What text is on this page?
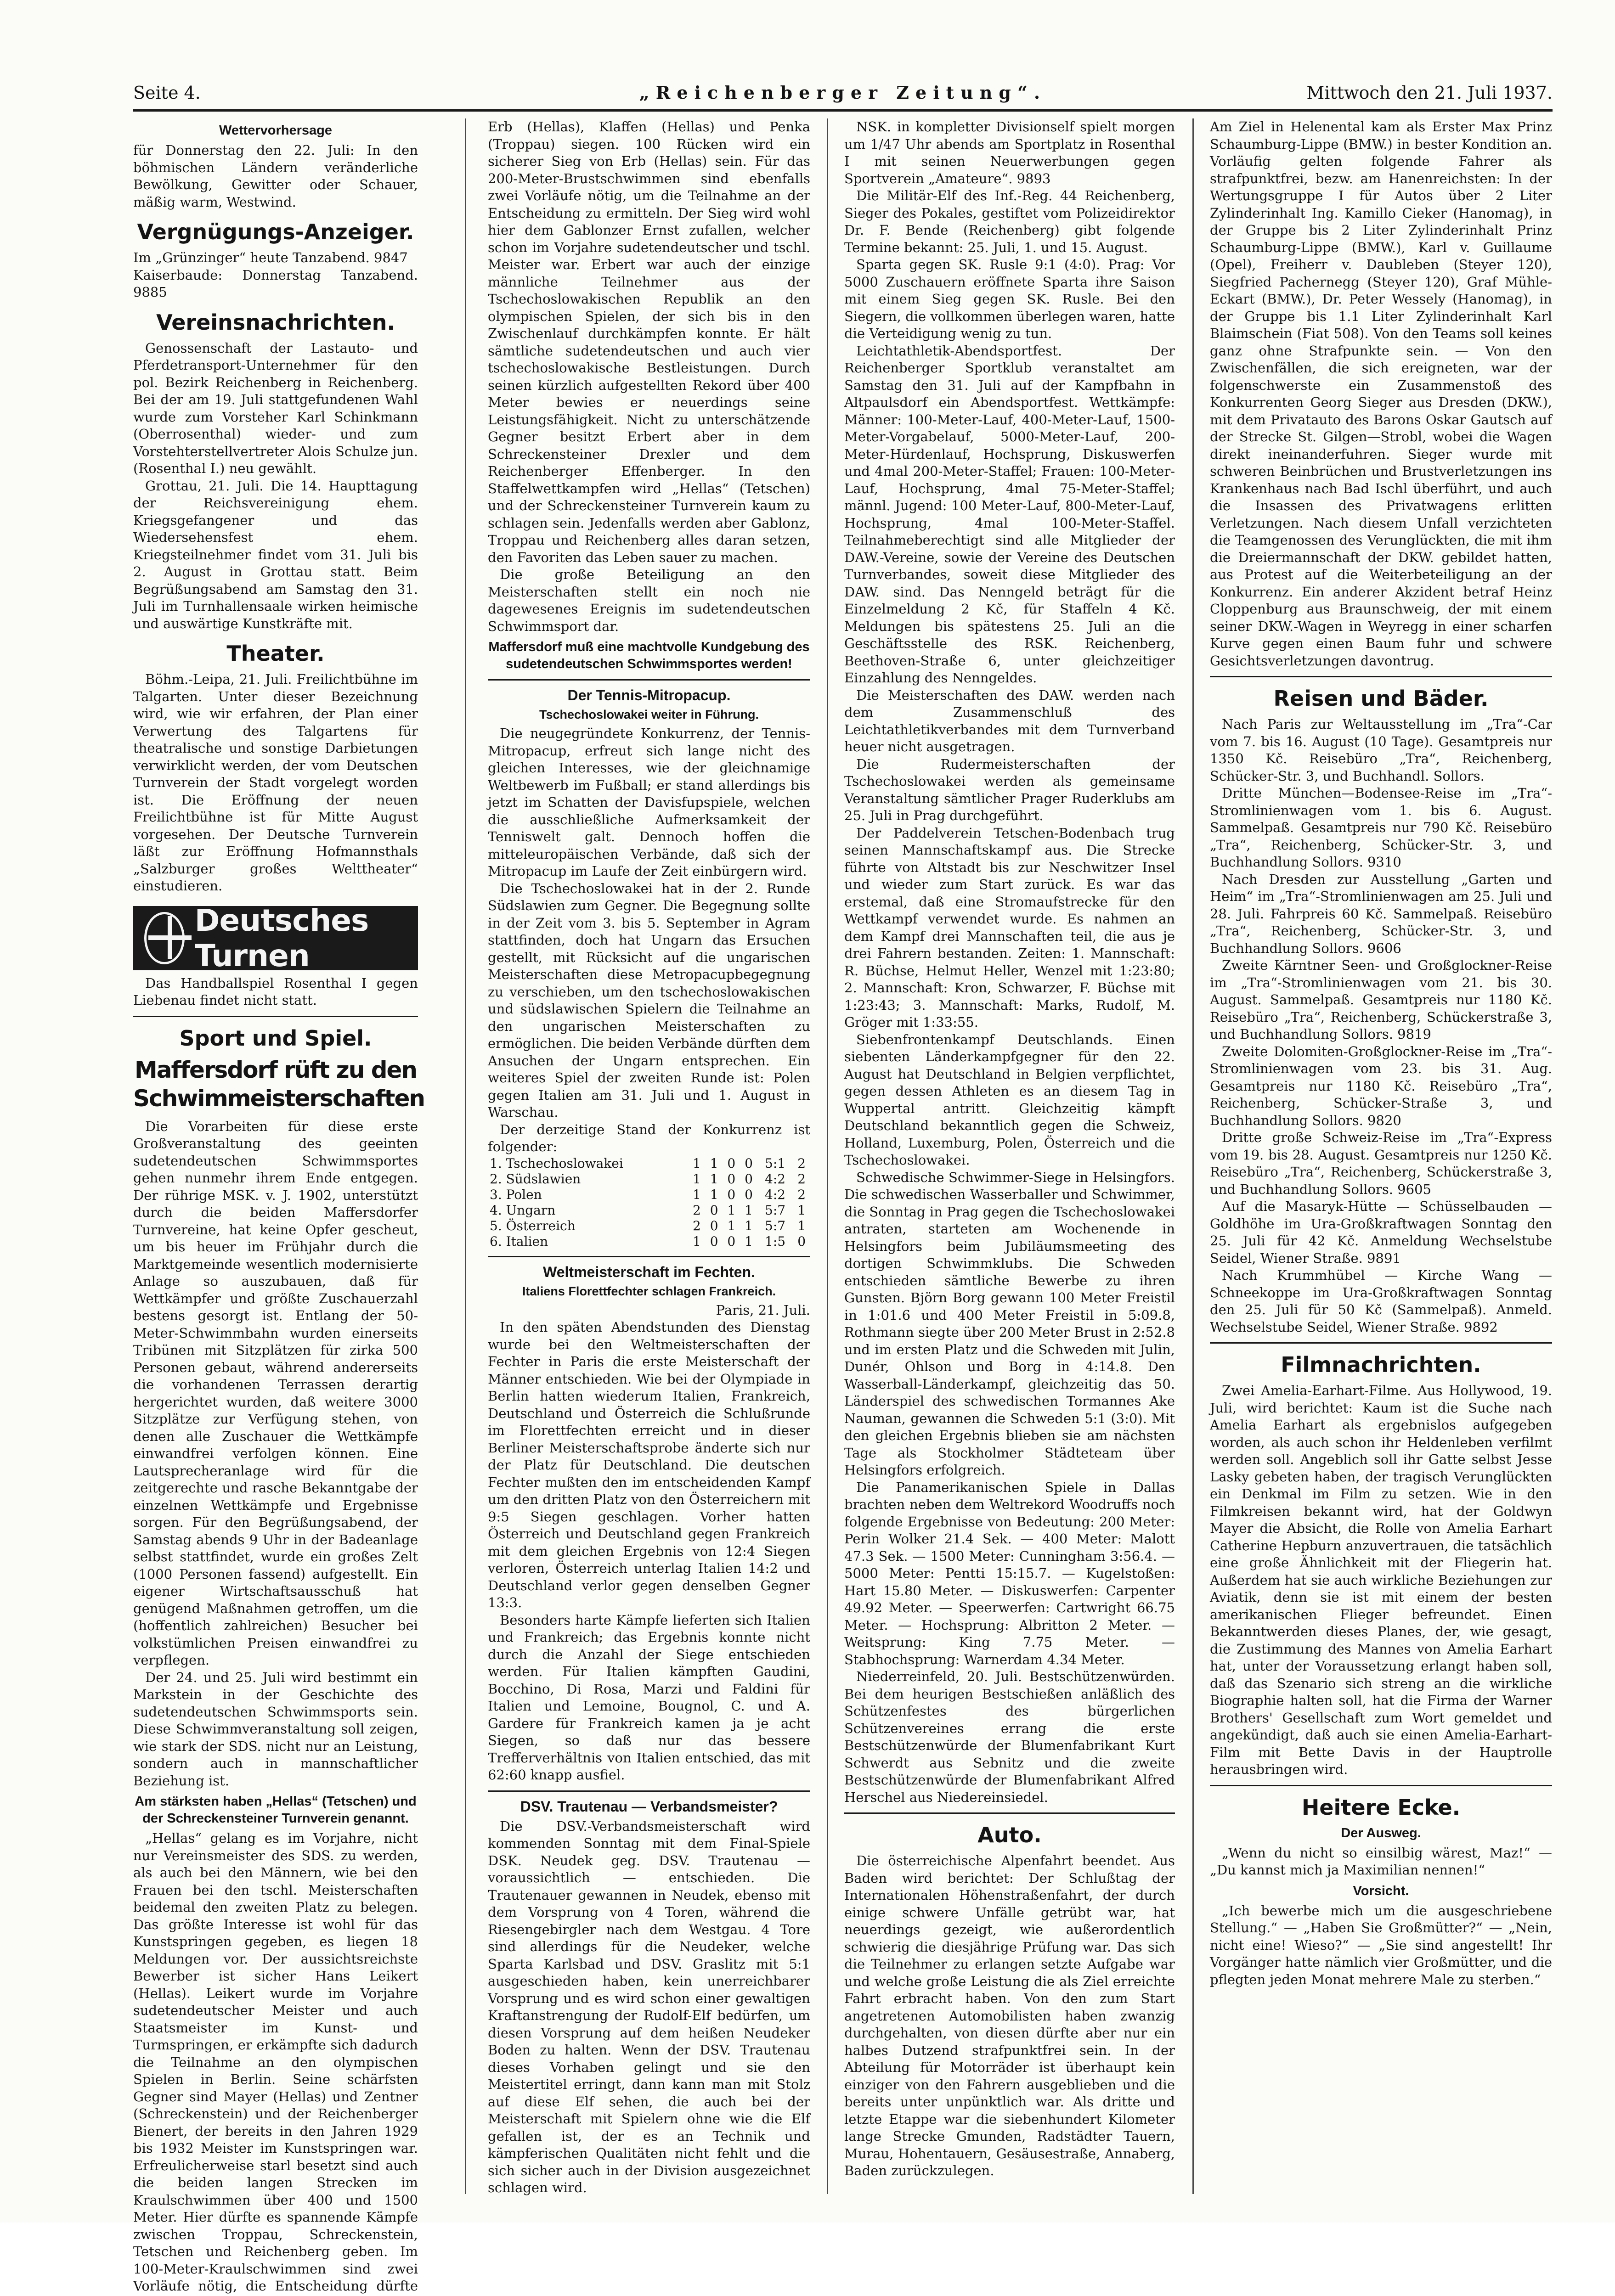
Seite 4.	„Reichenberger Zeitung“.	Mittwoch den 21. Juli 1937.
Wettervorhersage

für Donnerstag den 22. Juli: In den böhmischen Ländern veränderliche Bewölkung, Gewitter oder Schauer, mäßig warm, Westwind.

Vergnügungs-Anzeiger.

Im „Grünzinger“ heute Tanzabend. 9847

Kaiserbaude: Donnerstag Tanzabend. 9885

Vereinsnachrichten.

Genossenschaft der Lastauto- und Pferdetransport-Unternehmer für den pol. Bezirk Reichenberg in Reichenberg. Bei der am 19. Juli stattgefundenen Wahl wurde zum Vorsteher Karl Schinkmann (Oberrosenthal) wieder- und zum Vorstehterstellvertreter Alois Schulze jun. (Rosenthal I.) neu gewählt.

Grottau, 21. Juli. Die 14. Haupttagung der Reichsvereinigung ehem. Kriegsgefangener und das Wiedersehensfest ehem. Kriegsteilnehmer findet vom 31. Juli bis 2. August in Grottau statt. Beim Begrüßungsabend am Samstag den 31. Juli im Turnhallensaale wirken heimische und auswärtige Kunstkräfte mit.

Theater.

Böhm.-Leipa, 21. Juli. Freilichtbühne im Talgarten. Unter dieser Bezeichnung wird, wie wir erfahren, der Plan einer Verwertung des Talgartens für theatralische und sonstige Darbietungen verwirklicht werden, der vom Deutschen Turnverein der Stadt vorgelegt worden ist. Die Eröffnung der neuen Freilichtbühne ist für Mitte August vorgesehen. Der Deutsche Turnverein läßt zur Eröffnung Hofmannsthals „Salzburger großes Welttheater“ einstudieren.

Deutsches Turnen

Das Handballspiel Rosenthal I gegen Liebenau findet nicht statt.

Sport und Spiel.
Maffersdorf rüft zu den Schwimmeisterschaften

Die Vorarbeiten für diese erste Großveranstaltung des geeinten sudetendeutschen Schwimmsportes gehen nunmehr ihrem Ende entgegen. Der rührige MSK. v. J. 1902, unterstützt durch die beiden Maffersdorfer Turnvereine, hat keine Opfer gescheut, um bis heuer im Frühjahr durch die Marktgemeinde wesentlich modernisierte Anlage so auszubauen, daß für Wettkämpfer und größte Zuschauerzahl bestens gesorgt ist. Entlang der 50-Meter-Schwimmbahn wurden einerseits Tribünen mit Sitzplätzen für zirka 500 Personen gebaut, während andererseits die vorhandenen Terrassen derartig hergerichtet wurden, daß weitere 3000 Sitzplätze zur Verfügung stehen, von denen alle Zuschauer die Wettkämpfe einwandfrei verfolgen können. Eine Lautsprecheranlage wird für die zeitgerechte und rasche Bekanntgabe der einzelnen Wettkämpfe und Ergebnisse sorgen. Für den Begrüßungsabend, der Samstag abends 9 Uhr in der Badeanlage selbst stattfindet, wurde ein großes Zelt (1000 Personen fassend) aufgestellt. Ein eigener Wirtschaftsausschuß hat genügend Maßnahmen getroffen, um die (hoffentlich zahlreichen) Besucher bei volkstümlichen Preisen einwandfrei zu verpflegen.

Der 24. und 25. Juli wird bestimmt ein Markstein in der Geschichte des sudetendeutschen Schwimmsports sein. Diese Schwimmveranstaltung soll zeigen, wie stark der SDS. nicht nur an Leistung, sondern auch in mannschaftlicher Beziehung ist.

Am stärksten haben „Hellas“ (Tetschen) und der Schreckensteiner Turnverein genannt.

„Hellas“ gelang es im Vorjahre, nicht nur Vereinsmeister des SDS. zu werden, als auch bei den Männern, wie bei den Frauen bei den tschl. Meisterschaften beidemal den zweiten Platz zu belegen. Das größte Interesse ist wohl für das Kunstspringen gegeben, es liegen 18 Meldungen vor. Der aussichtsreichste Bewerber ist sicher Hans Leikert (Hellas). Leikert wurde im Vorjahre sudetendeutscher Meister und auch Staatsmeister im Kunst- und Turmspringen, er erkämpfte sich dadurch die Teilnahme an den olympischen Spielen in Berlin. Seine schärfsten Gegner sind Mayer (Hellas) und Zentner (Schreckenstein) und der Reichenberger Bienert, der bereits in den Jahren 1929 bis 1932 Meister im Kunstspringen war. Erfreulicherweise starl besetzt sind auch die beiden langen Strecken im Kraulschwimmen über 400 und 1500 Meter. Hier dürfte es spannende Kämpfe zwischen Troppau, Schreckenstein, Tetschen und Reichenberg geben. Im 100-Meter-Kraulschwimmen sind zwei Vorläufe nötig, die Entscheidung dürfte

Erb (Hellas), Klaffen (Hellas) und Penka (Troppau) siegen. 100 Rücken wird ein sicherer Sieg von Erb (Hellas) sein. Für das 200-Meter-Brustschwimmen sind ebenfalls zwei Vorläufe nötig, um die Teilnahme an der Entscheidung zu ermitteln. Der Sieg wird wohl hier dem Gablonzer Ernst zufallen, welcher schon im Vorjahre sudetendeutscher und tschl. Meister war. Erbert war auch der einzige männliche Teilnehmer aus der Tschechoslowakischen Republik an den olympischen Spielen, der sich bis in den Zwischenlauf durchkämpfen konnte. Er hält sämtliche sudetendeutschen und auch vier tschechoslowakische Bestleistungen. Durch seinen kürzlich aufgestellten Rekord über 400 Meter bewies er neuerdings seine Leistungsfähigkeit. Nicht zu unterschätzende Gegner besitzt Erbert aber in dem Schreckensteiner Drexler und dem Reichenberger Effenberger. In den Staffelwettkampfen wird „Hellas“ (Tetschen) und der Schreckensteiner Turnverein kaum zu schlagen sein. Jedenfalls werden aber Gablonz, Troppau und Reichenberg alles daran setzen, den Favoriten das Leben sauer zu machen.

Die große Beteiligung an den Meisterschaften stellt ein noch nie dagewesenes Ereignis im sudetendeutschen Schwimmsport dar.

Maffersdorf muß eine machtvolle Kundgebung des sudetendeutschen Schwimmsportes werden!
Der Tennis-Mitropacup.
Tschechoslowakei weiter in Führung.

Die neugegründete Konkurrenz, der Tennis-Mitropacup, erfreut sich lange nicht des gleichen Interesses, wie der gleichnamige Weltbewerb im Fußball; er stand allerdings bis jetzt im Schatten der Davisfupspiele, welchen die ausschließliche Aufmerksamkeit der Tenniswelt galt. Dennoch hoffen die mitteleuropäischen Verbände, daß sich der Mitropacup im Laufe der Zeit einbürgern wird.

Die Tschechoslowakei hat in der 2. Runde Südslawien zum Gegner. Die Begegnung sollte in der Zeit vom 3. bis 5. September in Agram stattfinden, doch hat Ungarn das Ersuchen gestellt, mit Rücksicht auf die ungarischen Meisterschaften diese Metropacupbegegnung zu verschieben, um den tschechoslowakischen und südslawischen Spielern die Teilnahme an den ungarischen Meisterschaften zu ermöglichen. Die beiden Verbände dürften dem Ansuchen der Ungarn entsprechen. Ein weiteres Spiel der zweiten Runde ist: Polen gegen Italien am 31. Juli und 1. August in Warschau.

Der derzeitige Stand der Konkurrenz ist folgender:

1. Tschechoslowakei	1	1	0	0	5:1	2
2. Südslawien	1	1	0	0	4:2	2
3. Polen	1	1	0	0	4:2	2
4. Ungarn	2	0	1	1	5:7	1
5. Österreich	2	0	1	1	5:7	1
6. Italien	1	0	0	1	1:5	0
Weltmeisterschaft im Fechten.
Italiens Florettfechter schlagen Frankreich.

Paris, 21. Juli.

In den späten Abendstunden des Dienstag wurde bei den Weltmeisterschaften der Fechter in Paris die erste Meisterschaft der Männer entschieden. Wie bei der Olympiade in Berlin hatten wiederum Italien, Frankreich, Deutschland und Österreich die Schlußrunde im Florettfechten erreicht und in dieser Berliner Meisterschaftsprobe änderte sich nur der Platz für Deutschland. Die deutschen Fechter mußten den im entscheidenden Kampf um den dritten Platz von den Österreichern mit 9:5 Siegen geschlagen. Vorher hatten Österreich und Deutschland gegen Frankreich mit dem gleichen Ergebnis von 12:4 Siegen verloren, Österreich unterlag Italien 14:2 und Deutschland verlor gegen denselben Gegner 13:3.

Besonders harte Kämpfe lieferten sich Italien und Frankreich; das Ergebnis konnte nicht durch die Anzahl der Siege entschieden werden. Für Italien kämpften Gaudini, Bocchino, Di Rosa, Marzi und Faldini für Italien und Lemoine, Bougnol, C. und A. Gardere für Frankreich kamen ja je acht Siegen, so daß nur das bessere Trefferverhältnis von Italien entschied, das mit 62:60 knapp ausfiel.

DSV. Trautenau — Verbandsmeister?

Die DSV.-Verbandsmeisterschaft wird kommenden Sonntag mit dem Final-Spiele DSK. Neudek geg. DSV. Trautenau — voraussichtlich — entschieden. Die Trautenauer gewannen in Neudek, ebenso mit dem Vorsprung von 4 Toren, während die Riesengebirgler nach dem Westgau. 4 Tore sind allerdings für die Neudeker, welche Sparta Karlsbad und DSV. Graslitz mit 5:1 ausgeschieden haben, kein unerreichbarer Vorsprung und es wird schon einer gewaltigen Kraftanstrengung der Rudolf-Elf bedürfen, um diesen Vorsprung auf dem heißen Neudeker Boden zu halten. Wenn der DSV. Trautenau dieses Vorhaben gelingt und sie den Meistertitel erringt, dann kann man mit Stolz auf diese Elf sehen, die auch bei der Meisterschaft mit Spielern ohne wie die Elf gefallen ist, der es an Technik und kämpferischen Qualitäten nicht fehlt und die sich sicher auch in der Division ausgezeichnet schlagen wird.

NSK. in kompletter Divisionself spielt morgen um 1/47 Uhr abends am Sportplatz in Rosenthal I mit seinen Neuerwerbungen gegen Sportverein „Amateure“. 9893

Die Militär-Elf des Inf.-Reg. 44 Reichenberg, Sieger des Pokales, gestiftet vom Polizeidirektor Dr. F. Bende (Reichenberg) gibt folgende Termine bekannt: 25. Juli, 1. und 15. August.

Sparta gegen SK. Rusle 9:1 (4:0). Prag: Vor 5000 Zuschauern eröffnete Sparta ihre Saison mit einem Sieg gegen SK. Rusle. Bei den Siegern, die vollkommen überlegen waren, hatte die Verteidigung wenig zu tun.

Leichtathletik-Abendsportfest. Der Reichenberger Sportklub veranstaltet am Samstag den 31. Juli auf der Kampfbahn in Altpaulsdorf ein Abendsportfest. Wettkämpfe: Männer: 100-Meter-Lauf, 400-Meter-Lauf, 1500-Meter-Vorgabelauf, 5000-Meter-Lauf, 200-Meter-Hürdenlauf, Hochsprung, Diskuswerfen und 4mal 200-Meter-Staffel; Frauen: 100-Meter-Lauf, Hochsprung, 4mal 75-Meter-Staffel; männl. Jugend: 100 Meter-Lauf, 800-Meter-Lauf, Hochsprung, 4mal 100-Meter-Staffel. Teilnahmeberechtigt sind alle Mitglieder der DAW.-Vereine, sowie der Vereine des Deutschen Turnverbandes, soweit diese Mitglieder des DAW. sind. Das Nenngeld beträgt für die Einzelmeldung 2 Kč, für Staffeln 4 Kč. Meldungen bis spätestens 25. Juli an die Geschäftsstelle des RSK. Reichenberg, Beethoven-Straße 6, unter gleichzeitiger Einzahlung des Nenngeldes.

Die Meisterschaften des DAW. werden nach dem Zusammenschluß des Leichtathletikverbandes mit dem Turnverband heuer nicht ausgetragen.

Die Rudermeisterschaften der Tschechoslowakei werden als gemeinsame Veranstaltung sämtlicher Prager Ruderklubs am 25. Juli in Prag durchgeführt.

Der Paddelverein Tetschen-Bodenbach trug seinen Mannschaftskampf aus. Die Strecke führte von Altstadt bis zur Neschwitzer Insel und wieder zum Start zurück. Es war das erstemal, daß eine Stromaufstrecke für den Wettkampf verwendet wurde. Es nahmen an dem Kampf drei Mannschaften teil, die aus je drei Fahrern bestanden. Zeiten: 1. Mannschaft: R. Büchse, Helmut Heller, Wenzel mit 1:23:80; 2. Mannschaft: Kron, Schwarzer, F. Büchse mit 1:23:43; 3. Mannschaft: Marks, Rudolf, M. Gröger mit 1:33:55.

Siebenfrontenkampf Deutschlands. Einen siebenten Länderkampfgegner für den 22. August hat Deutschland in Belgien verpflichtet, gegen dessen Athleten es an diesem Tag in Wuppertal antritt. Gleichzeitig kämpft Deutschland bekanntlich gegen die Schweiz, Holland, Luxemburg, Polen, Österreich und die Tschechoslowakei.

Schwedische Schwimmer-Siege in Helsingfors. Die schwedischen Wasserballer und Schwimmer, die Sonntag in Prag gegen die Tschechoslowakei antraten, starteten am Wochenende in Helsingfors beim Jubiläumsmeeting des dortigen Schwimmklubs. Die Schweden entschieden sämtliche Bewerbe zu ihren Gunsten. Björn Borg gewann 100 Meter Freistil in 1:01.6 und 400 Meter Freistil in 5:09.8, Rothmann siegte über 200 Meter Brust in 2:52.8 und im ersten Platz und die Schweden mit Julin, Dunér, Ohlson und Borg in 4:14.8. Den Wasserball-Länderkampf, gleichzeitig das 50. Länderspiel des schwedischen Tormannes Ake Nauman, gewannen die Schweden 5:1 (3:0). Mit den gleichen Ergebnis blieben sie am nächsten Tage als Stockholmer Städteteam über Helsingfors erfolgreich.

Die Panamerikanischen Spiele in Dallas brachten neben dem Weltrekord Woodruffs noch folgende Ergebnisse von Bedeutung: 200 Meter: Perin Wolker 21.4 Sek. — 400 Meter: Malott 47.3 Sek. — 1500 Meter: Cunningham 3:56.4. — 5000 Meter: Pentti 15:15.7. — Kugelstoßen: Hart 15.80 Meter. — Diskuswerfen: Carpenter 49.92 Meter. — Speerwerfen: Cartwright 66.75 Meter. — Hochsprung: Albritton 2 Meter. — Weitsprung: King 7.75 Meter. — Stabhochsprung: Warnerdam 4.34 Meter.

Niederreinfeld, 20. Juli. Bestschützenwürden. Bei dem heurigen Bestschießen anläßlich des Schützenfestes des bürgerlichen Schützenvereines errang die erste Bestschützenwürde der Blumenfabrikant Kurt Schwerdt aus Sebnitz und die zweite Bestschützenwürde der Blumenfabrikant Alfred Herschel aus Niedereinsiedel.

Auto.

Die österreichische Alpenfahrt beendet. Aus Baden wird berichtet: Der Schlußtag der Internationalen Höhenstraßenfahrt, der durch einige schwere Unfälle getrübt war, hat neuerdings gezeigt, wie außerordentlich schwierig die diesjährige Prüfung war. Das sich die Teilnehmer zu erlangen setzte Aufgabe war und welche große Leistung die als Ziel erreichte Fahrt erbracht haben. Von den zum Start angetretenen Automobilisten haben zwanzig durchgehalten, von diesen dürfte aber nur ein halbes Dutzend strafpunktfrei sein. In der Abteilung für Motorräder ist überhaupt kein einziger von den Fahrern ausgeblieben und die bereits unter unpünktlich war. Als dritte und letzte Etappe war die siebenhundert Kilometer lange Strecke Gmunden, Radstädter Tauern, Murau, Hohentauern, Gesäusestraße, Annaberg, Baden zurückzulegen.

Am Ziel in Helenental kam als Erster Max Prinz Schaumburg-Lippe (BMW.) in bester Kondition an. Vorläufig gelten folgende Fahrer als strafpunktfrei, bezw. am Hanenreichsten: In der Wertungsgruppe I für Autos über 2 Liter Zylinderinhalt Ing. Kamillo Cieker (Hanomag), in der Gruppe bis 2 Liter Zylinderinhalt Prinz Schaumburg-Lippe (BMW.), Karl v. Guillaume (Opel), Freiherr v. Daubleben (Steyer 120), Siegfried Pachernegg (Steyer 120), Graf Mühle-Eckart (BMW.), Dr. Peter Wessely (Hanomag), in der Gruppe bis 1.1 Liter Zylinderinhalt Karl Blaimschein (Fiat 508). Von den Teams soll keines ganz ohne Strafpunkte sein. — Von den Zwischenfällen, die sich ereigneten, war der folgenschwerste ein Zusammenstoß des Konkurrenten Georg Sieger aus Dresden (DKW.), mit dem Privatauto des Barons Oskar Gautsch auf der Strecke St. Gilgen—Strobl, wobei die Wagen direkt ineinanderfuhren. Sieger wurde mit schweren Beinbrüchen und Brustverletzungen ins Krankenhaus nach Bad Ischl überführt, und auch die Insassen des Privatwagens erlitten Verletzungen. Nach diesem Unfall verzichteten die Teamgenossen des Verunglückten, die mit ihm die Dreiermannschaft der DKW. gebildet hatten, aus Protest auf die Weiterbeteiligung an der Konkurrenz. Ein anderer Akzident betraf Heinz Cloppenburg aus Braunschweig, der mit einem seiner DKW.-Wagen in Weyregg in einer scharfen Kurve gegen einen Baum fuhr und schwere Gesichtsverletzungen davontrug.

Reisen und Bäder.

Nach Paris zur Weltausstellung im „Tra“-Car vom 7. bis 16. August (10 Tage). Gesamtpreis nur 1350 Kč. Reisebüro „Tra“, Reichenberg, Schücker-Str. 3, und Buchhandl. Sollors.

Dritte München—Bodensee-Reise im „Tra“-Stromlinienwagen vom 1. bis 6. August. Sammelpaß. Gesamtpreis nur 790 Kč. Reisebüro „Tra“, Reichenberg, Schücker-Str. 3, und Buchhandlung Sollors. 9310

Nach Dresden zur Ausstellung „Garten und Heim“ im „Tra“-Stromlinienwagen am 25. Juli und 28. Juli. Fahrpreis 60 Kč. Sammelpaß. Reisebüro „Tra“, Reichenberg, Schücker-Str. 3, und Buchhandlung Sollors. 9606

Zweite Kärntner Seen- und Großglockner-Reise im „Tra“-Stromlinienwagen vom 21. bis 30. August. Sammelpaß. Gesamtpreis nur 1180 Kč. Reisebüro „Tra“, Reichenberg, Schückerstraße 3, und Buchhandlung Sollors. 9819

Zweite Dolomiten-Großglockner-Reise im „Tra“-Stromlinienwagen vom 23. bis 31. Aug. Gesamtpreis nur 1180 Kč. Reisebüro „Tra“, Reichenberg, Schücker-Straße 3, und Buchhandlung Sollors. 9820

Dritte große Schweiz-Reise im „Tra“-Express vom 19. bis 28. August. Gesamtpreis nur 1250 Kč. Reisebüro „Tra“, Reichenberg, Schückerstraße 3, und Buchhandlung Sollors. 9605

Auf die Masaryk-Hütte — Schüsselbauden — Goldhöhe im Ura-Großkraftwagen Sonntag den 25. Juli für 42 Kč. Anmeldung Wechselstube Seidel, Wiener Straße. 9891

Nach Krummhübel — Kirche Wang — Schneekoppe im Ura-Großkraftwagen Sonntag den 25. Juli für 50 Kč (Sammelpaß). Anmeld. Wechselstube Seidel, Wiener Straße. 9892

Filmnachrichten.

Zwei Amelia-Earhart-Filme. Aus Hollywood, 19. Juli, wird berichtet: Kaum ist die Suche nach Amelia Earhart als ergebnislos aufgegeben worden, als auch schon ihr Heldenleben verfilmt werden soll. Angeblich soll ihr Gatte selbst Jesse Lasky gebeten haben, der tragisch Verunglückten ein Denkmal im Film zu setzen. Wie in den Filmkreisen bekannt wird, hat der Goldwyn Mayer die Absicht, die Rolle von Amelia Earhart Catherine Hepburn anzuvertrauen, die tatsächlich eine große Ähnlichkeit mit der Fliegerin hat. Außerdem hat sie auch wirkliche Beziehungen zur Aviatik, denn sie ist mit einem der besten amerikanischen Flieger befreundet. Einen Bekanntwerden dieses Planes, der, wie gesagt, die Zustimmung des Mannes von Amelia Earhart hat, unter der Voraussetzung erlangt haben soll, daß das Szenario sich streng an die wirkliche Biographie halten soll, hat die Firma der Warner Brothers' Gesellschaft zum Wort gemeldet und angekündigt, daß auch sie einen Amelia-Earhart-Film mit Bette Davis in der Hauptrolle herausbringen wird.

Heitere Ecke.
Der Ausweg.

„Wenn du nicht so einsilbig wärest, Maz!“ — „Du kannst mich ja Maximilian nennen!“

Vorsicht.

„Ich bewerbe mich um die ausgeschriebene Stellung.“ — „Haben Sie Großmütter?“ — „Nein, nicht eine! Wieso?“ — „Sie sind angestellt! Ihr Vorgänger hatte nämlich vier Großmütter, und die pflegten jeden Monat mehrere Male zu sterben.“
